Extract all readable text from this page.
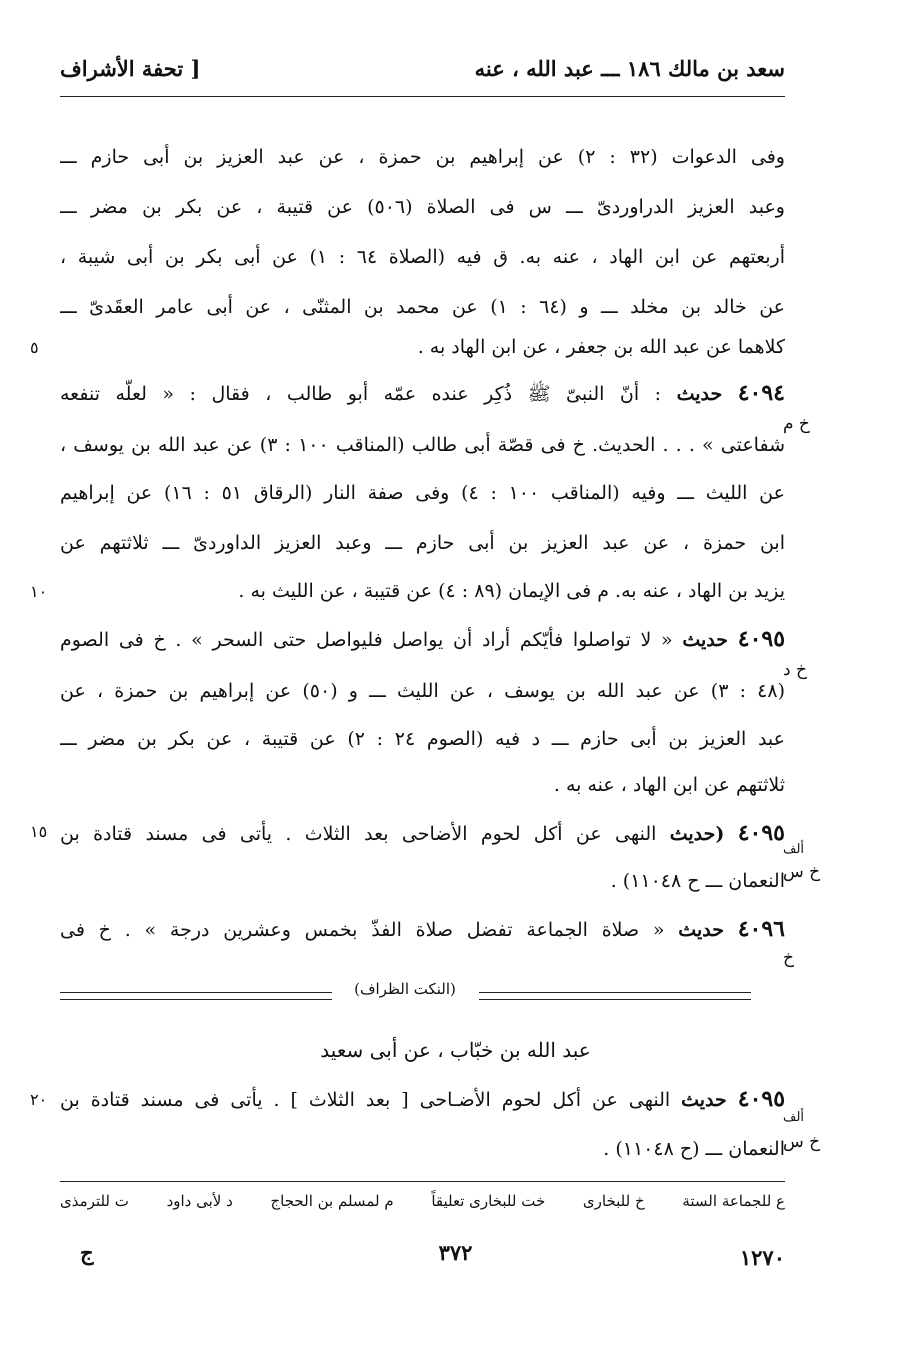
سعد بن مالك ١٨٦ ـــ عبد الله ، عنه
[ تحفة الأشراف
وفى الدعوات (٣٢ : ٢) عن إبراهيم بن حمزة ، عن عبد العزيز بن أبى حازم ـــ
وعبد العزيز الدراوردىّ ـــ س فى الصلاة (٥٠٦) عن قتيبة ، عن بكر بن مضر ـــ
أربعتهم عن ابن الهاد ، عنه به. ق فيه (الصلاة ٦٤ : ١) عن أبى بكر بن أبى شيبة ،
عن خالد بن مخلد ـــ و (٦٤ : ١) عن محمد بن المثنّى ، عن أبى عامر العقَدىّ ـــ
كلاهما عن عبد الله بن جعفر ، عن ابن الهاد به .
٥
٤٠٩٤ حديث : أنّ النبىّ ﷺ ذُكِر عنده عمّه أبو طالب ، فقال : « لعلّه تنفعه
خ م
شفاعتى » . . . الحديث. خ فى قصّة أبى طالب (المناقب ١٠٠ : ٣) عن عبد الله بن يوسف ،
عن الليث ـــ وفيه (المناقب ١٠٠ : ٤) وفى صفة النار (الرقاق ٥١ : ١٦) عن إبراهيم
ابن حمزة ، عن عبد العزيز بن أبى حازم ـــ وعبد العزيز الداوردىّ ـــ ثلاثتهم عن
يزيد بن الهاد ، عنه به. م فى الإيمان (٨٩ : ٤) عن قتيبة ، عن الليث به .
١٠
٤٠٩٥ حديث « لا تواصلوا فأيّكم أراد أن يواصل فليواصل حتى السحر » . خ فى الصوم
خ د
(٤٨ : ٣) عن عبد الله بن يوسف ، عن الليث ـــ و (٥٠) عن إبراهيم بن حمزة ، عن
عبد العزيز بن أبى حازم ـــ د فيه (الصوم ٢٤ : ٢) عن قتيبة ، عن بكر بن مضر ـــ
ثلاثتهم عن ابن الهاد ، عنه به .
٤٠٩٥ (حديث النهى عن أكل لحوم الأضاحى بعد الثلاث . يأتى فى مسند قتادة بن
١٥
ألف
خ س
النعمان ـــ ح ١١٠٤٨) .
٤٠٩٦ حديث « صلاة الجماعة تفضل صلاة الفذّ بخمس وعشرين درجة » . خ فى
خ
(النكت الظراف)
عبد الله بن خبّاب ، عن أبى سعيد
٤٠٩٥ حديث النهى عن أكل لحوم الأضـاحى [ بعد الثلاث ] . يأتى فى مسند قتادة بن
٢٠
ألف
خ س
النعمان ـــ (ح ١١٠٤٨) .
ع للجماعة الستة
خ للبخارى
خت للبخارى تعليقاً
م لمسلم بن الحجاج
د لأبى داود
ت للترمذى
١٢٧٠
٣٧٢
ج
